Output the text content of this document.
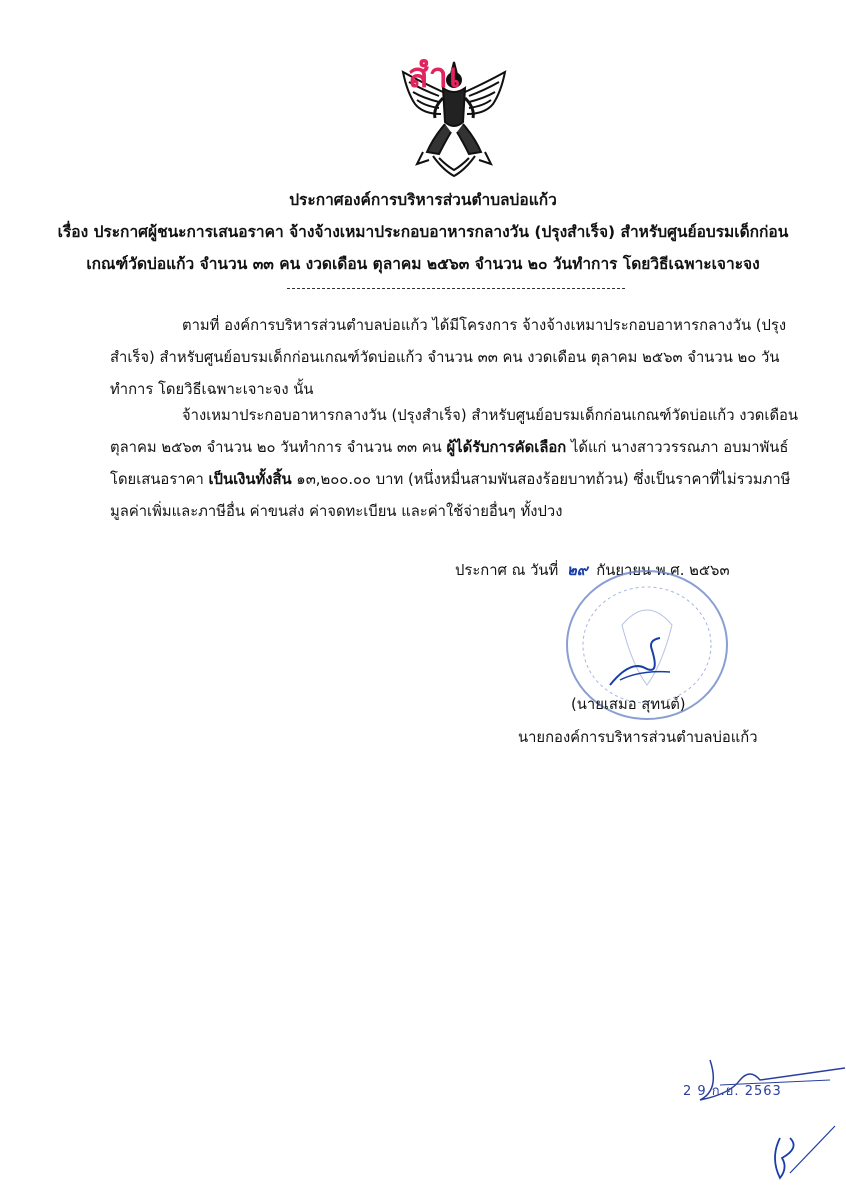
สำเ
ประกาศองค์การบริหารส่วนตำบลบ่อแก้ว
เรื่อง ประกาศผู้ชนะการเสนอราคา จ้างจ้างเหมาประกอบอาหารกลางวัน (ปรุงสำเร็จ) สำหรับศูนย์อบรมเด็กก่อน
เกณฑ์วัดบ่อแก้ว จำนวน ๓๓ คน งวดเดือน ตุลาคม ๒๕๖๓ จำนวน ๒๐ วันทำการ โดยวิธีเฉพาะเจาะจง
ตามที่ องค์การบริหารส่วนตำบลบ่อแก้ว ได้มีโครงการ จ้างจ้างเหมาประกอบอาหารกลางวัน (ปรุงสำเร็จ) สำหรับศูนย์อบรมเด็กก่อนเกณฑ์วัดบ่อแก้ว จำนวน ๓๓ คน งวดเดือน ตุลาคม ๒๕๖๓ จำนวน ๒๐ วันทำการ โดยวิธีเฉพาะเจาะจง นั้น
จ้างเหมาประกอบอาหารกลางวัน (ปรุงสำเร็จ) สำหรับศูนย์อบรมเด็กก่อนเกณฑ์วัดบ่อแก้ว งวดเดือน ตุลาคม ๒๕๖๓ จำนวน ๒๐ วันทำการ จำนวน ๓๓ คน ผู้ได้รับการคัดเลือก ได้แก่ นางสาววรรณภา อบมาพันธ์ โดยเสนอราคา เป็นเงินทั้งสิ้น ๑๓,๒๐๐.๐๐ บาท (หนึ่งหมื่นสามพันสองร้อยบาทถ้วน) ซึ่งเป็นราคาที่ไม่รวมภาษีมูลค่าเพิ่มและภาษีอื่น ค่าขนส่ง ค่าจดทะเบียน และค่าใช้จ่ายอื่นๆ ทั้งปวง
ประกาศ ณ วันที่ ๒๙ กันยายน พ.ศ. ๒๕๖๓
(นายเสมอ สุทนต์)
นายกองค์การบริหารส่วนตำบลบ่อแก้ว
2 9 ก.ย. 2563
